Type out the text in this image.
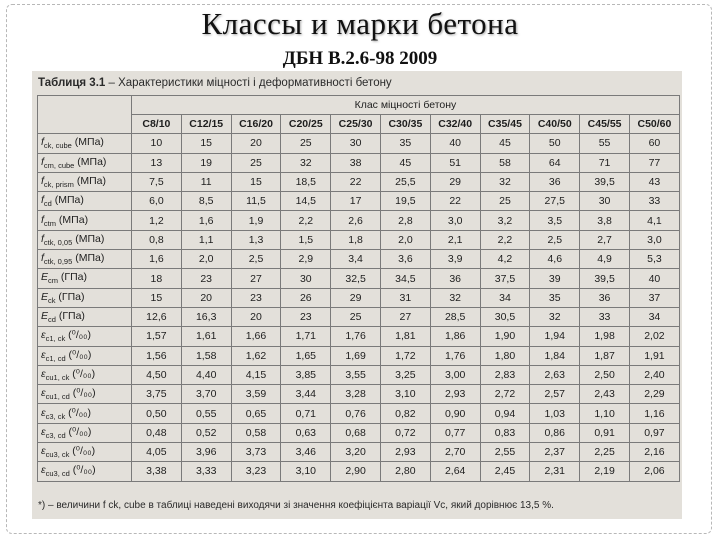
Классы и марки бетона
ДБН В.2.6-98 2009
Таблиця 3.1 – Характеристики міцності і деформативності бетону
	Клас міцності бетону										
	C8/10	C12/15	C16/20	C20/25	C25/30	C30/35	C32/40	C35/45	C40/50	C45/55	C50/60
$f_{ck, cube}$ (МПа)	10	15	20	25	30	35	40	45	50	55	60
$f_{cm, cube}$ (МПа)	13	19	25	32	38	45	51	58	64	71	77
$f_{ck, prism}$ (МПа)	7,5	11	15	18,5	22	25,5	29	32	36	39,5	43
$f_{cd}$ (МПа)	6,0	8,5	11,5	14,5	17	19,5	22	25	27,5	30	33
$f_{ctm}$ (МПа)	1,2	1,6	1,9	2,2	2,6	2,8	3,0	3,2	3,5	3,8	4,1
$f_{ctk, 0,05}$ (МПа)	0,8	1,1	1,3	1,5	1,8	2,0	2,1	2,2	2,5	2,7	3,0
$f_{ctk, 0,95}$ (МПа)	1,6	2,0	2,5	2,9	3,4	3,6	3,9	4,2	4,6	4,9	5,3
$E_{cm}$ (ГПа)	18	23	27	30	32,5	34,5	36	37,5	39	39,5	40
$E_{ck}$ (ГПа)	15	20	23	26	29	31	32	34	35	36	37
$E_{cd}$ (ГПа)	12,6	16,3	20	23	25	27	28,5	30,5	32	33	34
$\varepsilon_{c1, ck}$ (⁰/₀₀)	1,57	1,61	1,66	1,71	1,76	1,81	1,86	1,90	1,94	1,98	2,02
$\varepsilon_{c1, cd}$ (⁰/₀₀)	1,56	1,58	1,62	1,65	1,69	1,72	1,76	1,80	1,84	1,87	1,91
$\varepsilon_{cu1, ck}$ (⁰/₀₀)	4,50	4,40	4,15	3,85	3,55	3,25	3,00	2,83	2,63	2,50	2,40
$\varepsilon_{cu1, cd}$ (⁰/₀₀)	3,75	3,70	3,59	3,44	3,28	3,10	2,93	2,72	2,57	2,43	2,29
$\varepsilon_{c3, ck}$ (⁰/₀₀)	0,50	0,55	0,65	0,71	0,76	0,82	0,90	0,94	1,03	1,10	1,16
$\varepsilon_{c3, cd}$ (⁰/₀₀)	0,48	0,52	0,58	0,63	0,68	0,72	0,77	0,83	0,86	0,91	0,97
$\varepsilon_{cu3, ck}$ (⁰/₀₀)	4,05	3,96	3,73	3,46	3,20	2,93	2,70	2,55	2,37	2,25	2,16
$\varepsilon_{cu3, cd}$ (⁰/₀₀)	3,38	3,33	3,23	3,10	2,90	2,80	2,64	2,45	2,31	2,19	2,06
*) – величини f ck, cube в таблиці наведені виходячи зі значення коефіцієнта варіації Vc, який дорівнює 13,5 %.
